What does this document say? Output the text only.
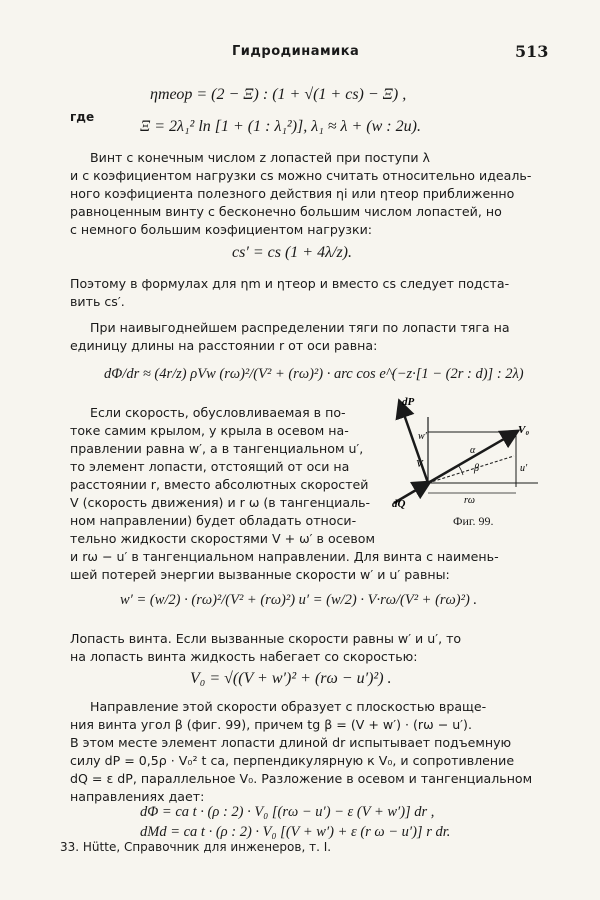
Гидродинамика	513
ηтеор = (2 − Ξ) : (1 + √(1 + cs) − Ξ) ,
где
Ξ = 2λ₁² ln [1 + (1 : λ₁²)], λ₁ ≈ λ + (w : 2u).
Винт с конечным числом z лопастей при поступи λ
и с коэфициентом нагрузки cs можно считать относительно идеаль-
ного коэфициента полезного действия ηi или ηтеор приближенно
равноценным винту с бесконечно большим числом лопастей, но
с немного большим коэфициентом нагрузки:
cs′ = cs (1 + 4λ/z).
Поэтому в формулах для ηm и ηтеор и вместо cs следует подста-
вить cs′.
При наивыгоднейшем распределении тяги по лопасти тяга на
единицу длины на расстоянии r от оси равна:
dΦ/dr ≈ (4r/z) ρVw (rω)²/(V² + (rω)²) · arc cos e^(−z·[1 − (2r : d)] : 2λ)
Если скорость, обусловливаемая в по-
токе самим крылом, у крыла в осевом на-
правлении равна w′, а в тангенциальном u′,
то элемент лопасти, отстоящий от оси на
расстоянии r, вместо абсолютных скоростей
V (скорость движения) и r ω (в тангенциаль-
ном направлении) будет обладать относи-
тельно жидкости скоростями V + ω′ в осевом
и rω − u′ в тангенциальном направлении. Для винта с наимень-
шей потерей энергии вызванные скорости w′ и u′ равны:
dP
dQ
V₀
V
w′
u′
α
β
rω
Фиг. 99.
w′ = (w/2) · (rω)²/(V² + (rω)²) u′ = (w/2) · V·rω/(V² + (rω)²) .
Лопасть винта. Если вызванные скорости равны w′ и u′, то
на лопасть винта жидкость набегает со скоростью:
V₀ = √((V + w′)² + (rω − u′)²) .
Направление этой скорости образует с плоскостью враще-
ния винта угол β (фиг. 99), причем tg β = (V + w′) · (rω − u′).
В этом месте элемент лопасти длиной dr испытывает подъемную
силу dP = 0,5ρ · V₀² t ca, перпендикулярную к V₀, и сопротивление
dQ = ε dP, параллельное V₀. Разложение в осевом и тангенциальном
направлениях дает:
dΦ = ca t · (ρ : 2) · V₀ [(rω − u′) − ε (V + w′)] dr ,
dMd = ca t · (ρ : 2) · V₀ [(V + w′) + ε (r ω − u′)] r dr.
33. Hütte, Справочник для инженеров, т. I.
